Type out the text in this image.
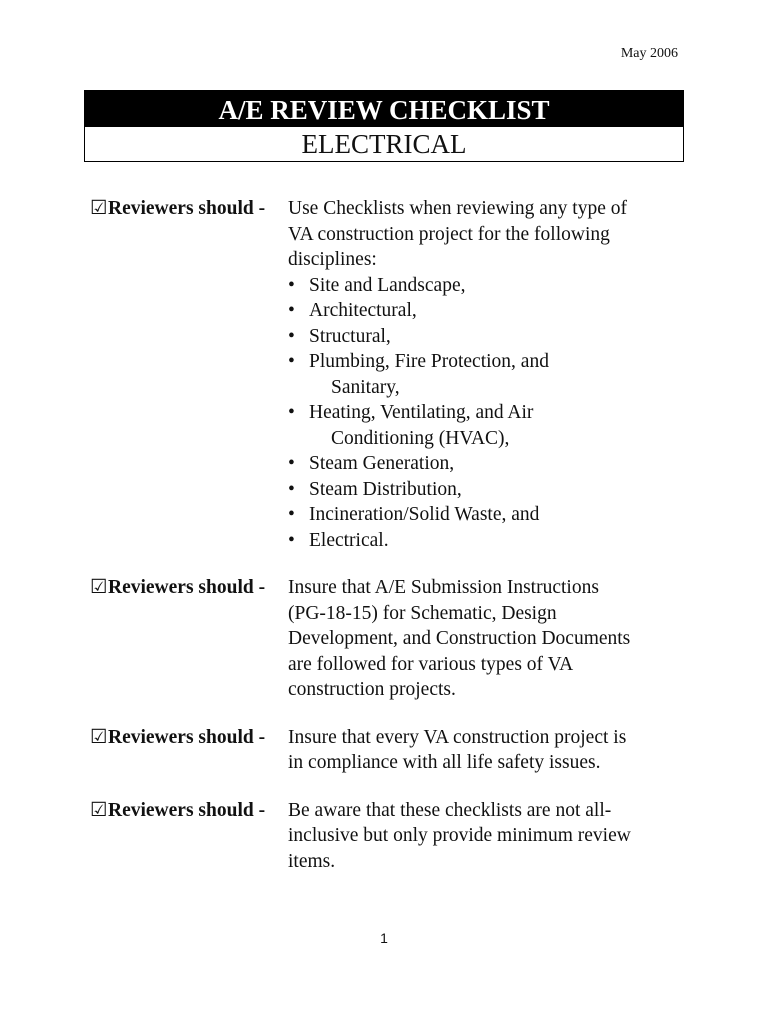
May 2006
A/E REVIEW CHECKLIST
ELECTRICAL
☑Reviewers should - Use Checklists when reviewing any type of
VA construction project for the following
disciplines:
• Site and Landscape,
• Architectural,
• Structural,
• Plumbing, Fire Protection, and
Sanitary,
• Heating, Ventilating, and Air
Conditioning (HVAC),
• Steam Generation,
• Steam Distribution,
• Incineration/Solid Waste, and
• Electrical.
☑Reviewers should - Insure that A/E Submission Instructions
(PG-18-15) for Schematic, Design
Development, and Construction Documents
are followed for various types of VA
construction projects.
☑Reviewers should - Insure that every VA construction project is
in compliance with all life safety issues.
☑Reviewers should - Be aware that these checklists are not all-
inclusive but only provide minimum review
items.
1
